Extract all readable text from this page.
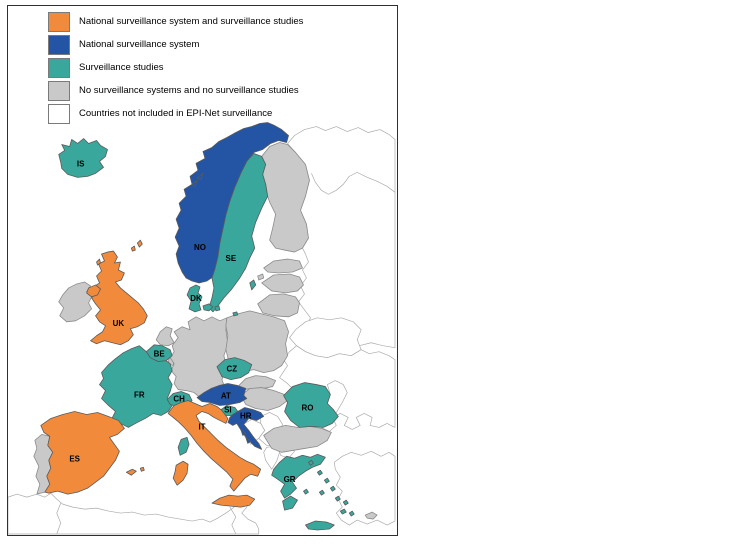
IS
NO
SE
DK
UK
BE
FR	CH
CZ
AT
SI
HR
RO
IT
ES
GR
National surveillance system and surveillance studies
National surveillance system
Surveillance studies
No surveillance systems and no surveillance studies
Countries not included in EPI-Net surveillance
